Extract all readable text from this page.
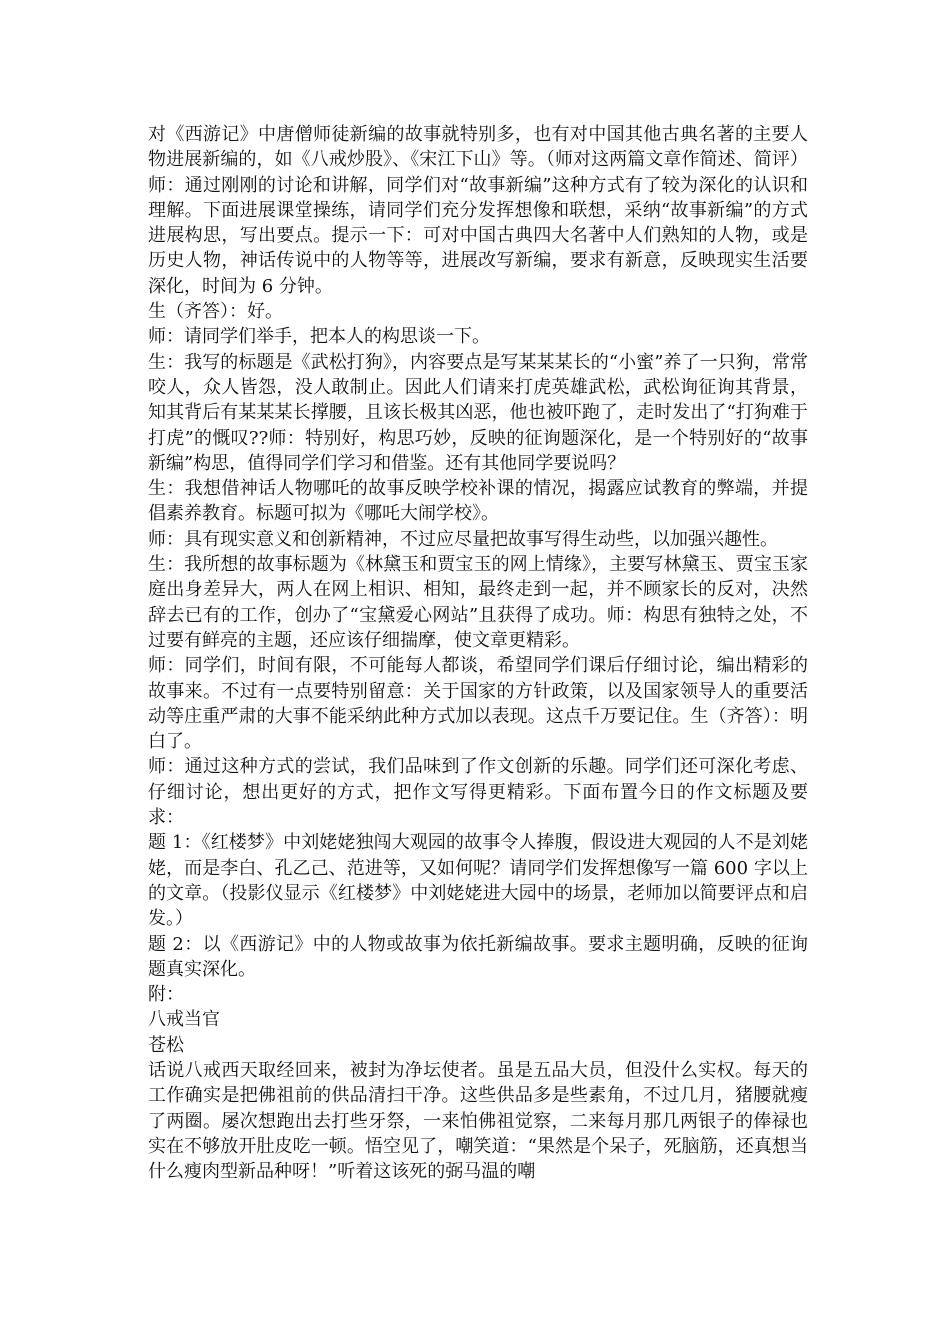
对《西游记》中唐僧师徒新编的故事就特别多，也有对中国其他古典名著的主要人物进展新编的，如《八戒炒股》、《宋江下山》等。（师对这两篇文章作简述、简评）师：通过刚刚的讨论和讲解，同学们对“故事新编”这种方式有了较为深化的认识和理解。下面进展课堂操练，请同学们充分发挥想像和联想，采纳“故事新编”的方式进展构思，写出要点。提示一下：可对中国古典四大名著中人们熟知的人物，或是历史人物，神话传说中的人物等等，进展改写新编，要求有新意，反映现实生活要深化，时间为 6 分钟。

生（齐答）：好。

师：请同学们举手，把本人的构思谈一下。

生：我写的标题是《武松打狗》，内容要点是写某某某长的“小蜜”养了一只狗，常常咬人，众人皆怨，没人敢制止。因此人们请来打虎英雄武松，武松询征询其背景，知其背后有某某某长撑腰，且该长极其凶恶，他也被吓跑了，走时发出了“打狗难于打虎”的慨叹??师：特别好，构思巧妙，反映的征询题深化，是一个特别好的“故事新编”构思，值得同学们学习和借鉴。还有其他同学要说吗？

生：我想借神话人物哪吒的故事反映学校补课的情况，揭露应试教育的弊端，并提倡素养教育。标题可拟为《哪吒大闹学校》。

师：具有现实意义和创新精神，不过应尽量把故事写得生动些，以加强兴趣性。

生：我所想的故事标题为《林黛玉和贾宝玉的网上情缘》，主要写林黛玉、贾宝玉家庭出身差异大，两人在网上相识、相知，最终走到一起，并不顾家长的反对，决然辞去已有的工作，创办了“宝黛爱心网站”且获得了成功。师：构思有独特之处，不过要有鲜亮的主题，还应该仔细揣摩，使文章更精彩。

师：同学们，时间有限，不可能每人都谈，希望同学们课后仔细讨论，编出精彩的故事来。不过有一点要特别留意：关于国家的方针政策，以及国家领导人的重要活动等庄重严肃的大事不能采纳此种方式加以表现。这点千万要记住。生（齐答）：明白了。

师：通过这种方式的尝试，我们品味到了作文创新的乐趣。同学们还可深化考虑、仔细讨论，想出更好的方式，把作文写得更精彩。下面布置今日的作文标题及要求：

题 1：《红楼梦》中刘姥姥独闯大观园的故事令人捧腹，假设进大观园的人不是刘姥姥，而是李白、孔乙己、范进等，又如何呢？请同学们发挥想像写一篇 600 字以上的文章。（投影仪显示《红楼梦》中刘姥姥进大园中的场景，老师加以简要评点和启发。）

题 2：以《西游记》中的人物或故事为依托新编故事。要求主题明确，反映的征询题真实深化。

附：

八戒当官

苍松

话说八戒西天取经回来，被封为净坛使者。虽是五品大员，但没什么实权。每天的工作确实是把佛祖前的供品清扫干净。这些供品多是些素角，不过几月，猪腰就瘦了两圈。屡次想跑出去打些牙祭，一来怕佛祖觉察，二来每月那几两银子的俸禄也实在不够放开肚皮吃一顿。悟空见了，嘲笑道：“果然是个呆子，死脑筋，还真想当什么瘦肉型新品种呀！”听着这该死的弼马温的嘲
